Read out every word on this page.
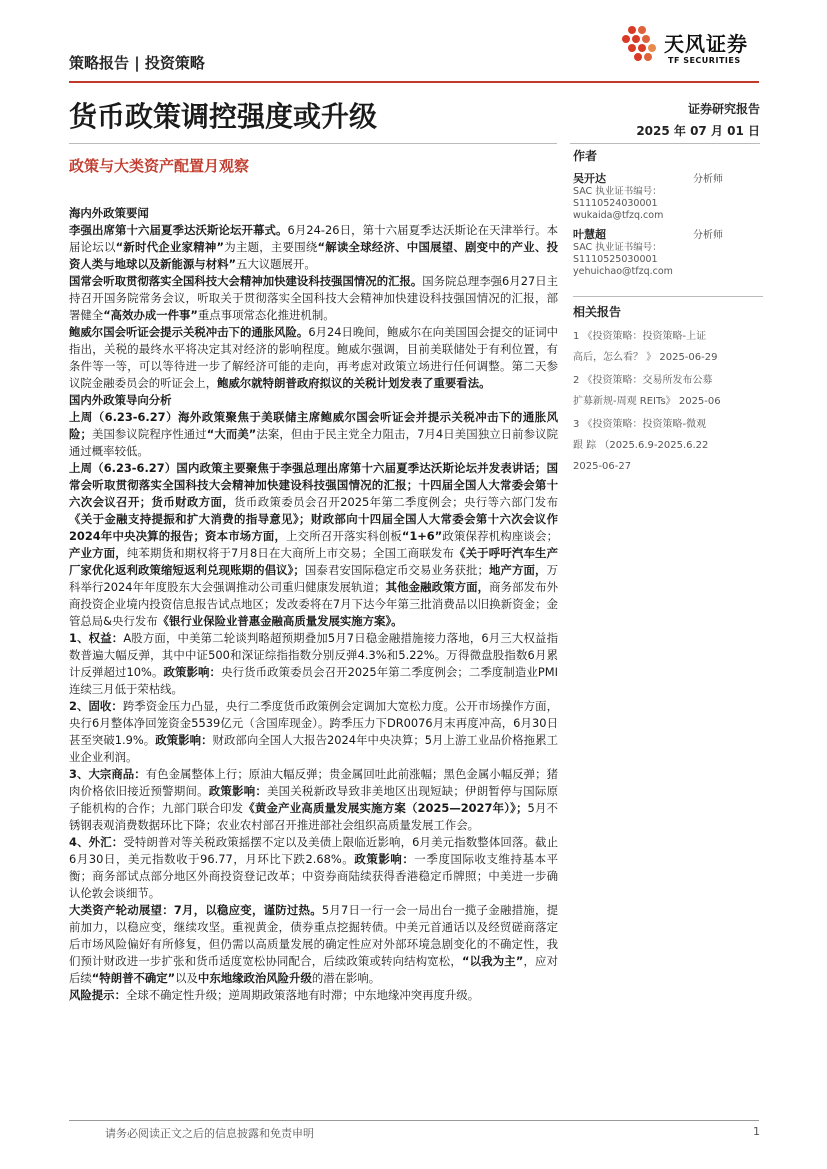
策略报告 | 投资策略
天风证券
TF SECURITIES
货币政策调控强度或升级	证券研究报告
2025 年 07 月 01 日
政策与大类资产配置月观察

海内外政策要闻

李强出席第十六届夏季达沃斯论坛开幕式。6月24-26日，第十六届夏季达沃斯论在天津举行。本届论坛以“新时代企业家精神”为主题，主要围绕“解读全球经济、中国展望、剧变中的产业、投资人类与地球以及新能源与材料”五大议题展开。

国常会听取贯彻落实全国科技大会精神加快建设科技强国情况的汇报。国务院总理李强6月27日主持召开国务院常务会议，听取关于贯彻落实全国科技大会精神加快建设科技强国情况的汇报，部署健全“高效办成一件事”重点事项常态化推进机制。

鲍威尔国会听证会提示关税冲击下的通胀风险。6月24日晚间，鲍威尔在向美国国会提交的证词中指出，关税的最终水平将决定其对经济的影响程度。鲍威尔强调，目前美联储处于有利位置，有条件等一等，可以等待进一步了解经济可能的走向，再考虑对政策立场进行任何调整。第二天参议院金融委员会的听证会上，鲍威尔就特朗普政府拟议的关税计划发表了重要看法。

国内外政策导向分析

上周（6.23-6.27）海外政策聚焦于美联储主席鲍威尔国会听证会并提示关税冲击下的通胀风险；美国参议院程序性通过“大而美”法案，但由于民主党全力阻击，7月4日美国独立日前参议院通过概率较低。

上周（6.23-6.27）国内政策主要聚焦于李强总理出席第十六届夏季达沃斯论坛并发表讲话；国常会听取贯彻落实全国科技大会精神加快建设科技强国情况的汇报；十四届全国人大常委会第十六次会议召开；货币财政方面，货币政策委员会召开2025年第二季度例会；央行等六部门发布《关于金融支持提振和扩大消费的指导意见》；财政部向十四届全国人大常委会第十六次会议作2024年中央决算的报告；资本市场方面，上交所召开落实科创板“1+6”政策保荐机构座谈会；产业方面，纯苯期货和期权将于7月8日在大商所上市交易；全国工商联发布《关于呼吁汽车生产厂家优化返利政策缩短返利兑现账期的倡议》；国泰君安国际稳定币交易业务获批；地产方面，万科举行2024年年度股东大会强调推动公司重归健康发展轨道；其他金融政策方面，商务部发布外商投资企业境内投资信息报告试点地区；发改委将在7月下达今年第三批消费品以旧换新资金；金管总局&央行发布《银行业保险业普惠金融高质量发展实施方案》。

1、权益：A股方面，中美第二轮谈判略超预期叠加5月7日稳金融措施接力落地，6月三大权益指数普遍大幅反弹，其中中证500和深证综指指数分别反弹4.3%和5.22%。万得微盘股指数6月累计反弹超过10%。政策影响：央行货币政策委员会召开2025年第二季度例会；二季度制造业PMI连续三月低于荣枯线。

2、固收：跨季资金压力凸显，央行二季度货币政策例会定调加大宽松力度。公开市场操作方面，央行6月整体净回笼资金5539亿元（含国库现金）。跨季压力下DR0076月末再度冲高，6月30日甚至突破1.9%。政策影响：财政部向全国人大报告2024年中央决算；5月上游工业品价格拖累工业企业利润。

3、大宗商品：有色金属整体上行；原油大幅反弹；贵金属回吐此前涨幅；黑色金属小幅反弹；猪肉价格依旧接近预警期间。政策影响：美国关税新政导致非美地区出现短缺；伊朗暂停与国际原子能机构的合作；九部门联合印发《黄金产业高质量发展实施方案（2025—2027年）》；5月不锈钢表观消费数据环比下降；农业农村部召开推进部社会组织高质量发展工作会。

4、外汇：受特朗普对等关税政策摇摆不定以及美债上限临近影响，6月美元指数整体回落。截止6月30日，美元指数收于96.77，月环比下跌2.68%。政策影响：一季度国际收支维持基本平衡；商务部试点部分地区外商投资登记改革；中资券商陆续获得香港稳定币牌照；中美进一步确认伦敦会谈细节。

大类资产轮动展望：7月，以稳应变，谨防过热。5月7日一行一会一局出台一揽子金融措施，提前加力，以稳应变，继续攻坚。重视黄金，债券重点挖掘转债。中美元首通话以及经贸磋商落定后市场风险偏好有所修复，但仍需以高质量发展的确定性应对外部环境急剧变化的不确定性，我们预计财政进一步扩张和货币适度宽松协同配合，后续政策或转向结构宽松，“以我为主”，应对后续“特朗普不确定”以及中东地缘政治风险升级的潜在影响。

风险提示：全球不确定性升级；逆周期政策落地有时滞；中东地缘冲突再度升级。

作者
吴开达	分析师
SAC 执业证书编号：
S1110524030001
wukaida@tfzq.com
叶慧超	分析师
SAC 执业证书编号：
S1110525030001
yehuichao@tfzq.com
相关报告
1 《投资策略：投资策略-上证
高后，怎么看？ 》 2025-06-29
2 《投资策略：交易所发布公募
扩募新规-周观 REITs》 2025-06
3 《投资策略：投资策略-微观
跟 踪 （2025.6.9-2025.6.22
2025-06-27
请务必阅读正文之后的信息披露和免责申明	1
